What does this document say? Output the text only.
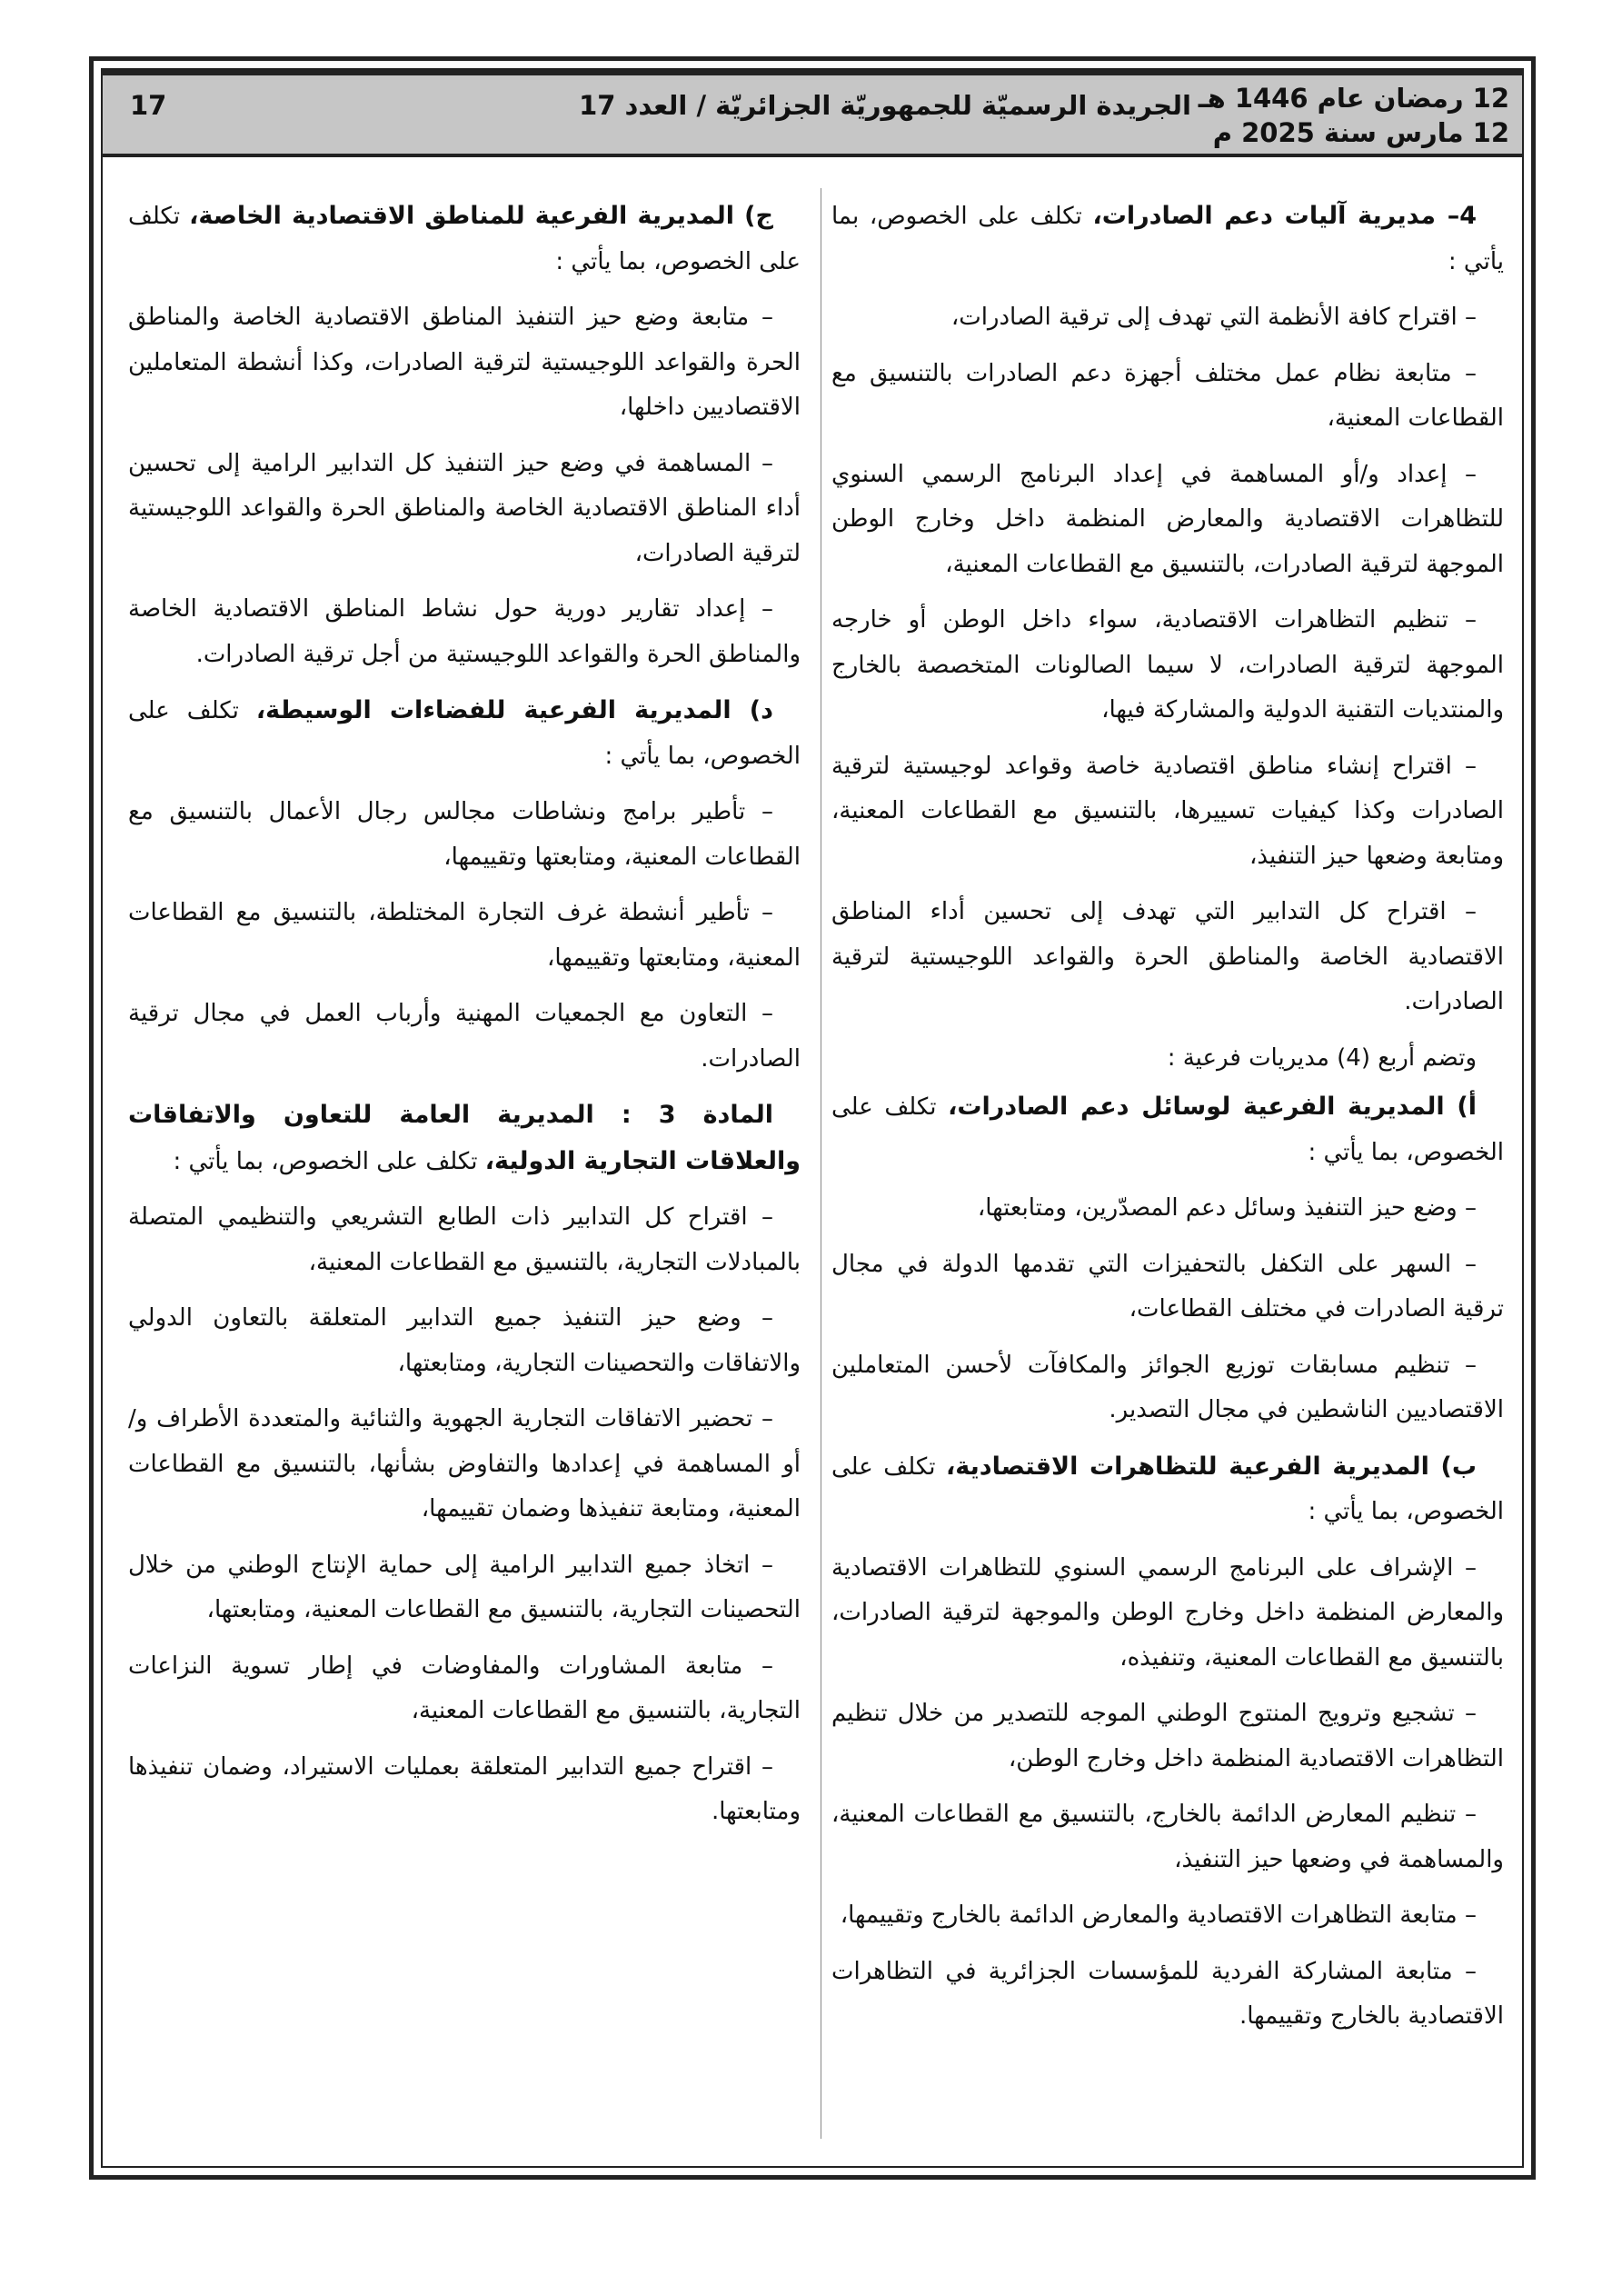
12 رمضان عام 1446 هـ
12 مارس سنة 2025 م
الجريدة الرسميّة للجمهوريّة الجزائريّة / العدد 17
17

4– مديرية آليات دعم الصادرات، تكلف على الخصوص، بما يأتي :

– اقتراح كافة الأنظمة التي تهدف إلى ترقية الصادرات،

– متابعة نظام عمل مختلف أجهزة دعم الصادرات بالتنسيق مع القطاعات المعنية،

– إعداد و/أو المساهمة في إعداد البرنامج الرسمي السنوي للتظاهرات الاقتصادية والمعارض المنظمة داخل وخارج الوطن الموجهة لترقية الصادرات، بالتنسيق مع القطاعات المعنية،

– تنظيم التظاهرات الاقتصادية، سواء داخل الوطن أو خارجه الموجهة لترقية الصادرات، لا سيما الصالونات المتخصصة بالخارج والمنتديات التقنية الدولية والمشاركة فيها،

– اقتراح إنشاء مناطق اقتصادية خاصة وقواعد لوجيستية لترقية الصادرات وكذا كيفيات تسييرها، بالتنسيق مع القطاعات المعنية، ومتابعة وضعها حيز التنفيذ،

– اقتراح كل التدابير التي تهدف إلى تحسين أداء المناطق الاقتصادية الخاصة والمناطق الحرة والقواعد اللوجيستية لترقية الصادرات.

وتضم أربع (4) مديريات فرعية :

أ) المديرية الفرعية لوسائل دعم الصادرات، تكلف على الخصوص، بما يأتي :

– وضع حيز التنفيذ وسائل دعم المصدّرين، ومتابعتها،

– السهر على التكفل بالتحفيزات التي تقدمها الدولة في مجال ترقية الصادرات في مختلف القطاعات،

– تنظيم مسابقات توزيع الجوائز والمكافآت لأحسن المتعاملين الاقتصاديين الناشطين في مجال التصدير.

ب) المديرية الفرعية للتظاهرات الاقتصادية، تكلف على الخصوص، بما يأتي :

– الإشراف على البرنامج الرسمي السنوي للتظاهرات الاقتصادية والمعارض المنظمة داخل وخارج الوطن والموجهة لترقية الصادرات، بالتنسيق مع القطاعات المعنية، وتنفيذه،

– تشجيع وترويج المنتوج الوطني الموجه للتصدير من خلال تنظيم التظاهرات الاقتصادية المنظمة داخل وخارج الوطن،

– تنظيم المعارض الدائمة بالخارج، بالتنسيق مع القطاعات المعنية، والمساهمة في وضعها حيز التنفيذ،

– متابعة التظاهرات الاقتصادية والمعارض الدائمة بالخارج وتقييمها،

– متابعة المشاركة الفردية للمؤسسات الجزائرية في التظاهرات الاقتصادية بالخارج وتقييمها.

ج) المديرية الفرعية للمناطق الاقتصادية الخاصة، تكلف على الخصوص، بما يأتي :

– متابعة وضع حيز التنفيذ المناطق الاقتصادية الخاصة والمناطق الحرة والقواعد اللوجيستية لترقية الصادرات، وكذا أنشطة المتعاملين الاقتصاديين داخلها،

– المساهمة في وضع حيز التنفيذ كل التدابير الرامية إلى تحسين أداء المناطق الاقتصادية الخاصة والمناطق الحرة والقواعد اللوجيستية لترقية الصادرات،

– إعداد تقارير دورية حول نشاط المناطق الاقتصادية الخاصة والمناطق الحرة والقواعد اللوجيستية من أجل ترقية الصادرات.

د) المديرية الفرعية للفضاءات الوسيطة، تكلف على الخصوص، بما يأتي :

– تأطير برامج ونشاطات مجالس رجال الأعمال بالتنسيق مع القطاعات المعنية، ومتابعتها وتقييمها،

– تأطير أنشطة غرف التجارة المختلطة، بالتنسيق مع القطاعات المعنية، ومتابعتها وتقييمها،

– التعاون مع الجمعيات المهنية وأرباب العمل في مجال ترقية الصادرات.

المادة 3 : المديرية العامة للتعاون والاتفاقات والعلاقات التجارية الدولية، تكلف على الخصوص، بما يأتي :

– اقتراح كل التدابير ذات الطابع التشريعي والتنظيمي المتصلة بالمبادلات التجارية، بالتنسيق مع القطاعات المعنية،

– وضع حيز التنفيذ جميع التدابير المتعلقة بالتعاون الدولي والاتفاقات والتحصينات التجارية، ومتابعتها،

– تحضير الاتفاقات التجارية الجهوية والثنائية والمتعددة الأطراف و/أو المساهمة في إعدادها والتفاوض بشأنها، بالتنسيق مع القطاعات المعنية، ومتابعة تنفيذها وضمان تقييمها،

– اتخاذ جميع التدابير الرامية إلى حماية الإنتاج الوطني من خلال التحصينات التجارية، بالتنسيق مع القطاعات المعنية، ومتابعتها،

– متابعة المشاورات والمفاوضات في إطار تسوية النزاعات التجارية، بالتنسيق مع القطاعات المعنية،

– اقتراح جميع التدابير المتعلقة بعمليات الاستيراد، وضمان تنفيذها ومتابعتها.
